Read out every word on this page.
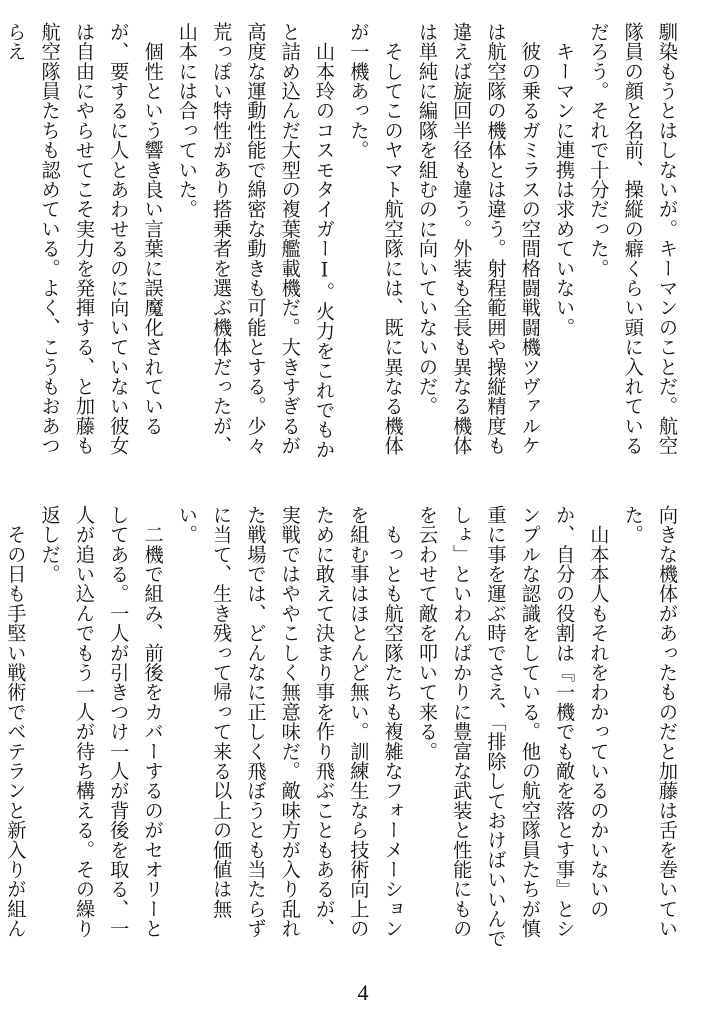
馴染もうとはしないが。キーマンのことだ。航空隊員の顔と名前、操縦の癖くらい頭に入れているだろう。それで十分だった。

　キーマンに連携は求めていない。

　彼の乗るガミラスの空間格闘戦闘機ツヴァルケは航空隊の機体とは違う。射程範囲や操縦精度も違えば旋回半径も違う。外装も全長も異なる機体は単純に編隊を組むのに向いていないのだ。

　そしてこのヤマト航空隊には、既に異なる機体が一機あった。

　山本玲のコスモタイガーⅠ。火力をこれでもかと詰め込んだ大型の複葉艦載機だ。大きすぎるが高度な運動性能で綿密な動きも可能とする。少々荒っぽい特性があり搭乗者を選ぶ機体だったが、山本には合っていた。

　個性という響き良い言葉に誤魔化されているが、要するに人とあわせるのに向いていない彼女は自由にやらせてこそ実力を発揮する、と加藤も航空隊員たちも認めている。よく、こうもおあつらえ

向きな機体があったものだと加藤は舌を巻いていた。

　山本本人もそれをわかっているのかいないのか、自分の役割は『一機でも敵を落とす事』とシンプルな認識をしている。他の航空隊員たちが慎重に事を運ぶ時でさえ、「排除しておけばいいんでしょ」といわんばかりに豊富な武装と性能にものを云わせて敵を叩いて来る。

　もっとも航空隊たちも複雑なフォーメーションを組む事はほとんど無い。訓練生なら技術向上のために敢えて決まり事を作り飛ぶこともあるが、実戦ではややこしく無意味だ。敵味方が入り乱れた戦場では、どんなに正しく飛ぼうとも当たらずに当て、生き残って帰って来る以上の価値は無い。

　二機で組み、前後をカバーするのがセオリーとしてある。一人が引きつけ一人が背後を取る、一人が追い込んでもう一人が待ち構える。その繰り返しだ。

　その日も手堅い戦術でベテランと新入りが組ん

4
